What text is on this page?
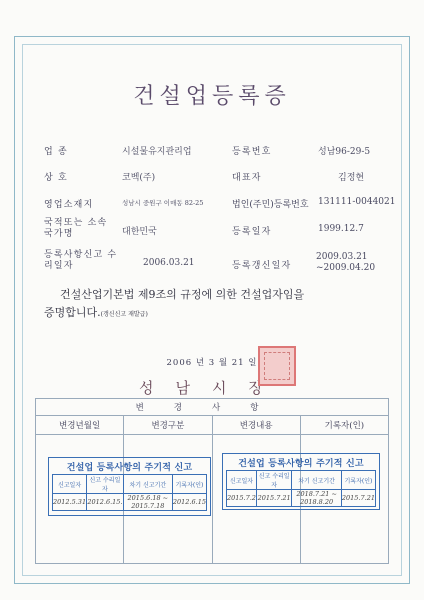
건설업등록증
업 종	시설물유지관리업
상 호	코벡(주)
영업소재지	성남시 중원구 이매동 82-25
국적또는 소속국가명	대한민국
등록사항신고 수리일자	2006.03.21
등록번호	성남96-29-5
대표자	김정현
법인(주민)등록번호 131111-0044021
등록일자	1999.12.7
등록갱신일자
2009.03.21 ~2009.04.20
건설산업기본법 제9조의 규정에 의한 건설업자임을
증명합니다.(갱신신고 재발급)
2006 년 3 월 21 일
성남시장
변경사항			
변경년월일	변경구분	변경내용	기록자(인)

건설업 등록사항의 주기적 신고
신고일자	신고 수리일자	차기 신고기간	기록자(인)
2012.5.31	2012.6.15.	2015.6.18 ~ 2015.7.18	2012.6.15
건설업 등록사항의 주기적 신고
신고일자	신고 수리일자	차기 신고기간	기록자(인)
2015.7.2	2015.7.21	2018.7.21 ~ 2018.8.20	2015.7.21
